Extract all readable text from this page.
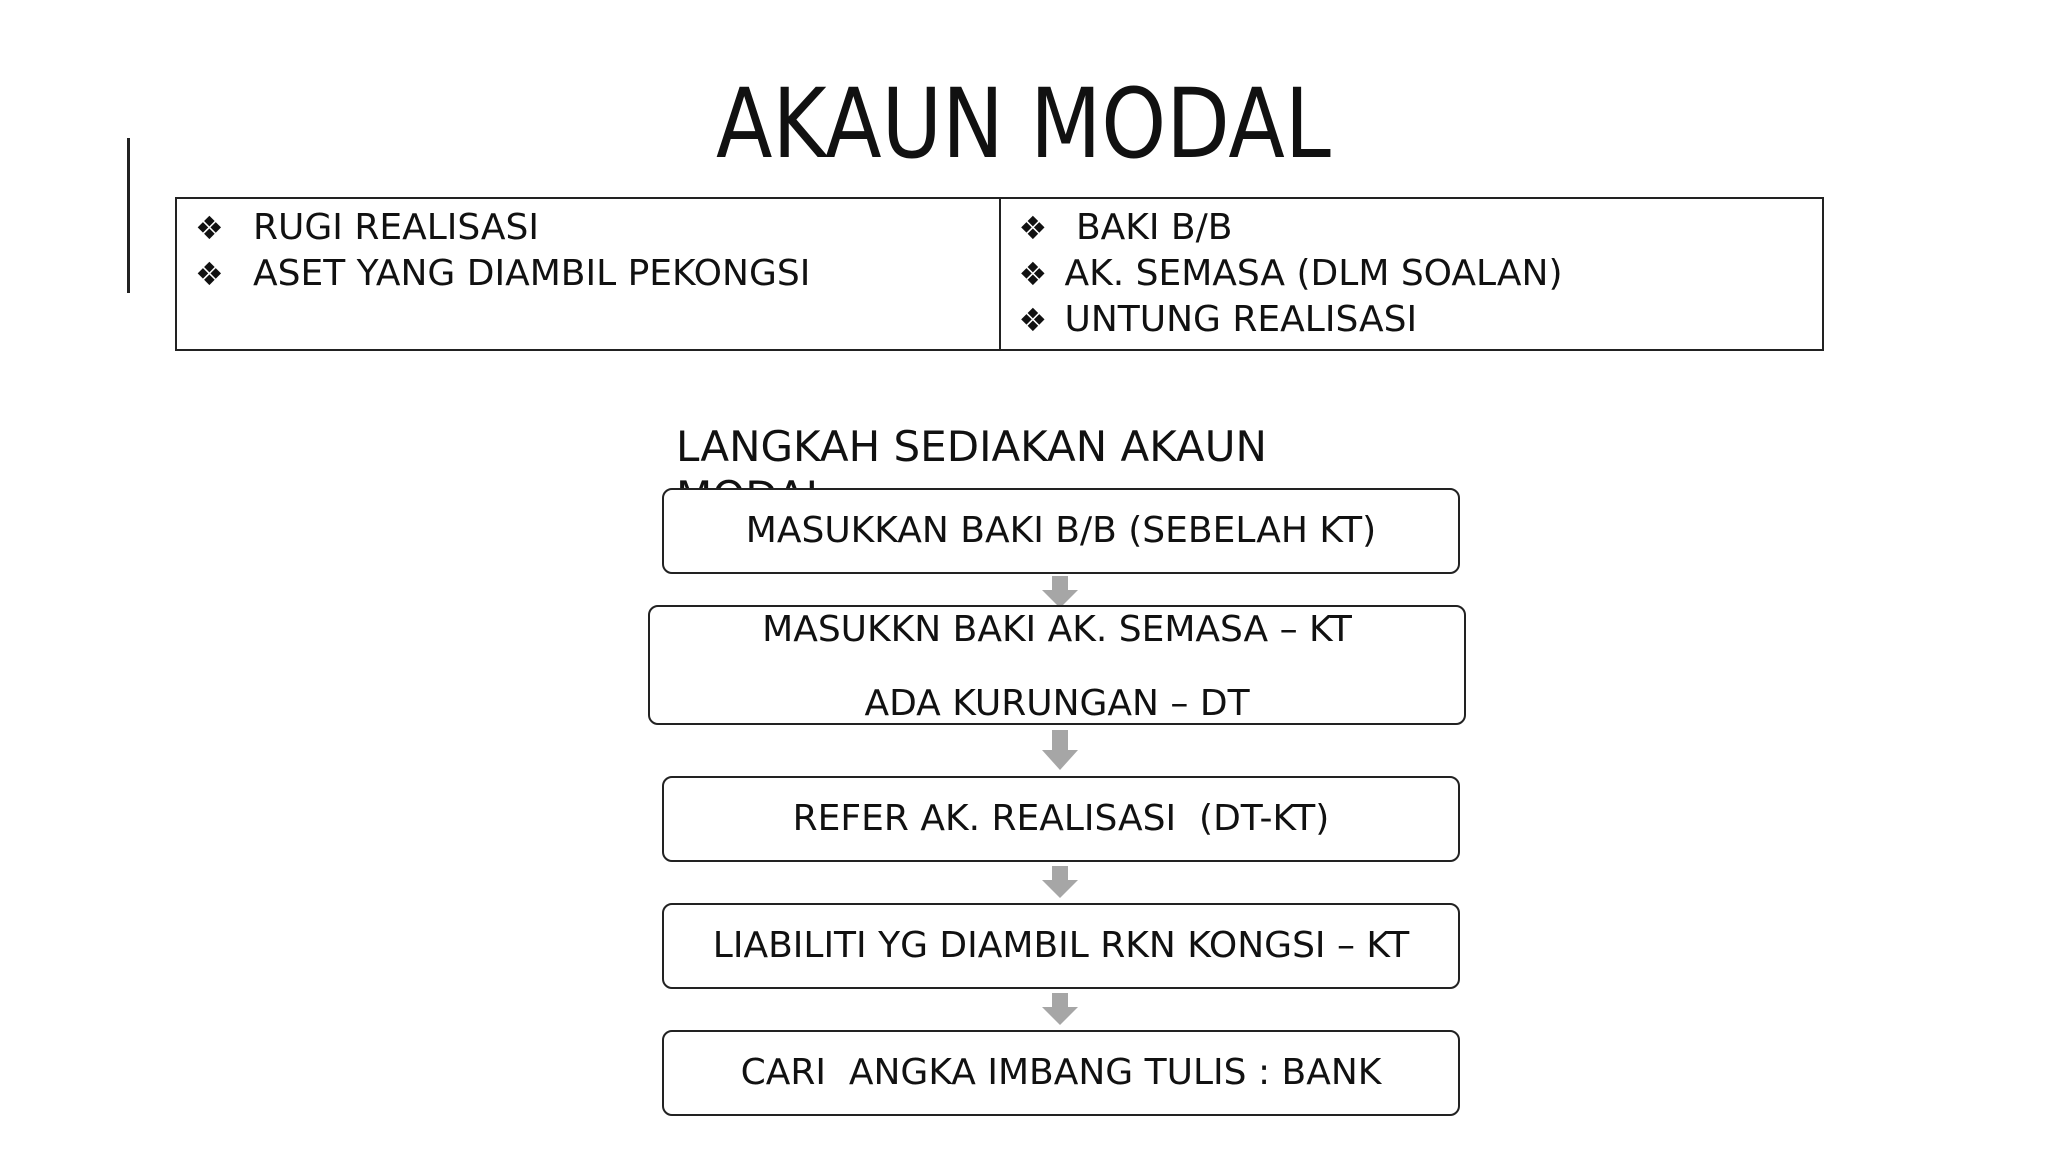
AKAUN MODAL
❖ RUGI REALISASI
❖ ASET YANG DIAMBIL PEKONGSI
❖ BAKI B/B
❖ AK. SEMASA (DLM SOALAN)
❖ UNTUNG REALISASI
LANGKAH SEDIAKAN AKAUN
MASUKKAN BAKI B/B (SEBELAH KT)
MASUKKN BAKI AK. SEMASA – KT
ADA KURUNGAN – DT
REFER AK. REALISASI  (DT-KT)
LIABILITI YG DIAMBIL RKN KONGSI – KT
CARI  ANGKA IMBANG TULIS : BANK
